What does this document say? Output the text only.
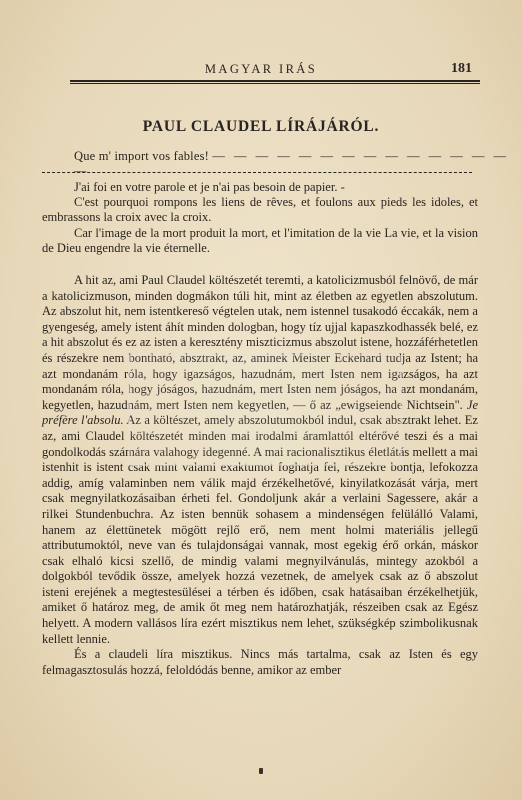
MAGYAR IRÁS	181
PAUL CLAUDEL LÍRÁJÁRÓL.
Que m' import vos fables! — — — — — — — — — — — — — — —

J'ai foi en votre parole et je n'ai pas besoin de papier. -

C'est pourquoi rompons les liens de rêves, et foulons aux pieds les idoles, et embrassons la croix avec la croix.

Car l'image de la mort produit la mort, et l'imitation de la vie La vie, et la vision de Dieu engendre la vie éternelle.

A hit az, ami Paul Claudel költészetét teremti, a katolicizmusból felnövő, de már a katolicizmuson, minden dogmákon túli hit, mint az életben az egyetlen abszolutum. Az abszolut hit, nem istentkereső végtelen utak, nem istennel tusakodó éccakák, nem a gyengeség, amely istent áhít minden dologban, hogy tíz ujjal kapaszkodhassék belé, ez a hit abszolut és ez az isten a keresztény miszticizmus abszolut istene, hozzáférhetetlen és részekre nem bontható, absztrakt, az, aminek Meister Eckehard tudja az Istent; ha azt mondanám róla, hogy igazságos, hazudnám, mert Isten nem igazságos, ha azt mondanám róla, hogy jóságos, hazudnám, mert Isten nem jóságos, ha azt mondanám, kegyetlen, hazudnám, mert Isten nem kegyetlen, — ő az „ewigseiende Nichtsein". Je préfère l'absolu. Az a költészet, amely abszolutumokból indul, csak absztrakt lehet. Ez az, ami Claudel költészetét minden mai irodalmi áramlattól eltérővé teszi és a mai gondolkodás számára valahogy idegenné. A mai racionalisztikus életlátás mellett a mai istenhit is istent csak mint valami exaktumot foghatja fel, részekre bontja, lefokozza addig, amíg valaminben nem válik majd érzékelhetővé, kinyilatkozását várja, mert csak megnyilatkozásaiban érheti fel. Gondoljunk akár a verlaini Sagessere, akár a rilkei Stundenbuchra. Az isten bennük sohasem a mindenségen felülálló Valami, hanem az élettünetek mögött rejlő erő, nem ment holmi materiális jellegű attributumoktól, neve van és tulajdonságai vannak, most egekig érő orkán, máskor csak elhaló kicsi szellő, de mindig valami megnyilvánulás, mintegy azokból a dolgokból tevődik össze, amelyek hozzá vezetnek, de amelyek csak az ő abszolut isteni erejének a megtestesülései a térben és időben, csak hatásaiban érzékelhetjük, amiket ő határoz meg, de amik őt meg nem határozhatják, részeiben csak az Egész helyett. A modern vallásos líra ezért misztikus nem lehet, szükségkép szimbolikusnak kellett lennie.

És a claudeli líra misztikus. Nincs más tartalma, csak az Isten és egy felmagasztosulás hozzá, feloldódás benne, amikor az ember
